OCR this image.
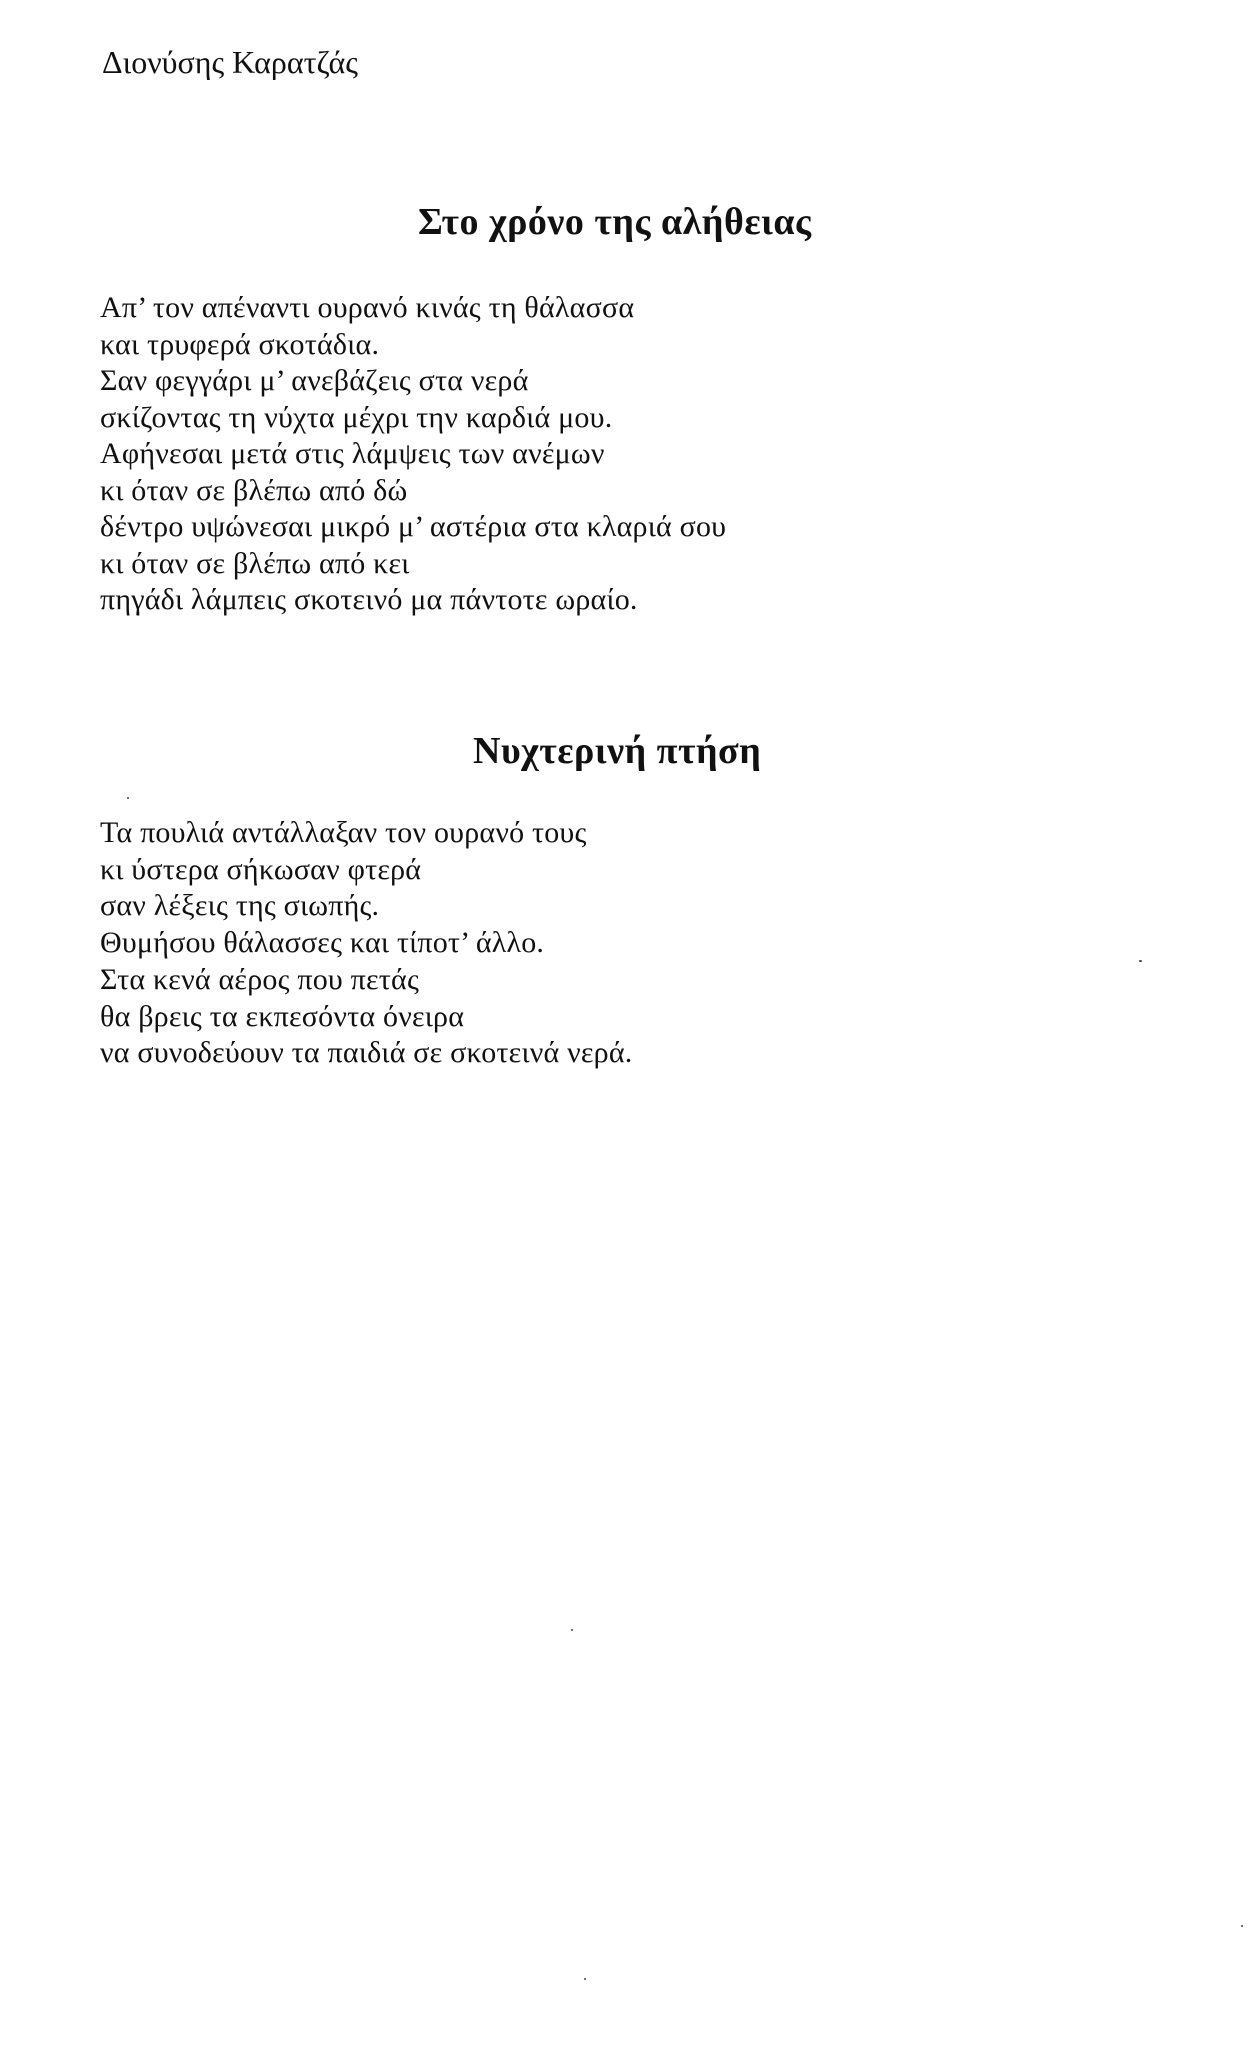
Διονύσης Καρατζάς
Στο χρόνο της αλήθειας
Απ’ τον απέναντι ουρανό κινάς τη θάλασσα
και τρυφερά σκοτάδια.
Σαν φεγγάρι μ’ ανεβάζεις στα νερά
σκίζοντας τη νύχτα μέχρι την καρδιά μου.
Αφήνεσαι μετά στις λάμψεις των ανέμων
κι όταν σε βλέπω από δώ
δέντρο υψώνεσαι μικρό μ’ αστέρια στα κλαριά σου
κι όταν σε βλέπω από κει
πηγάδι λάμπεις σκοτεινό μα πάντοτε ωραίο.
Νυχτερινή πτήση
Τα πουλιά αντάλλαξαν τον ουρανό τους
κι ύστερα σήκωσαν φτερά
σαν λέξεις της σιωπής.
Θυμήσου θάλασσες και τίποτ’ άλλο.
Στα κενά αέρος που πετάς
θα βρεις τα εκπεσόντα όνειρα
να συνοδεύουν τα παιδιά σε σκοτεινά νερά.
